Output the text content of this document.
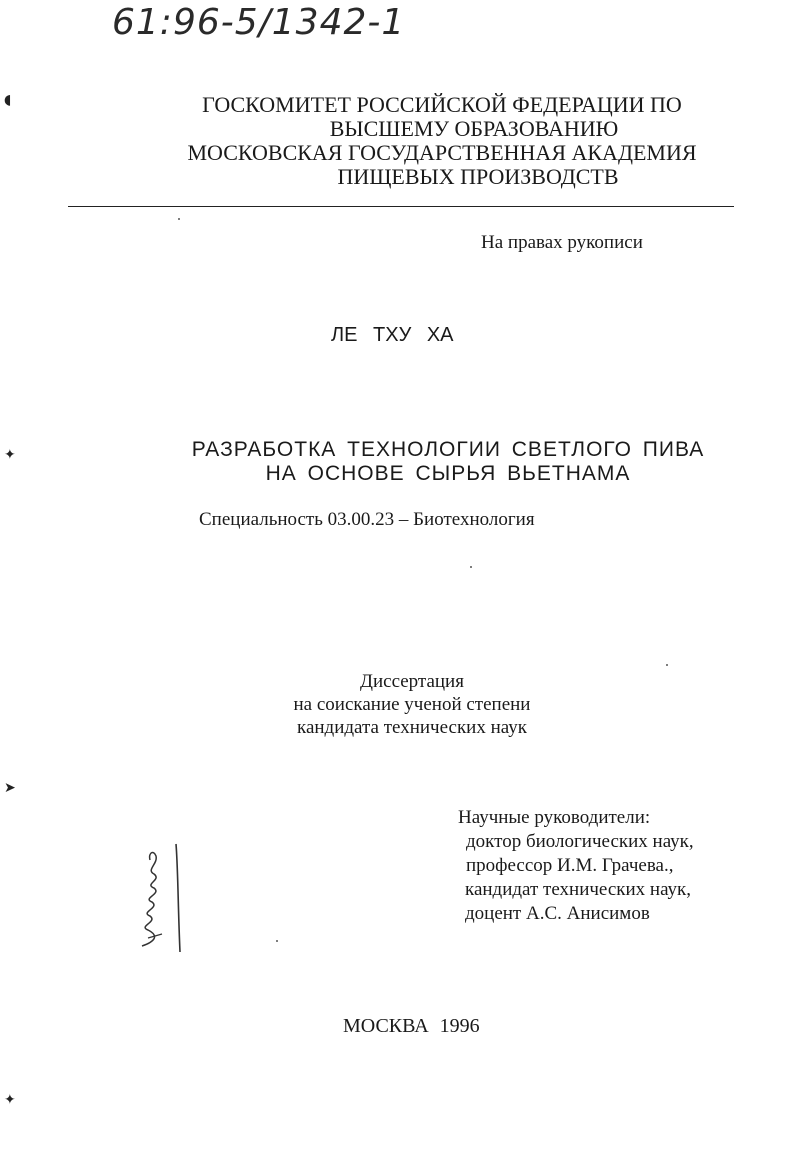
61:96-5/1342-1
◖
✦
➤
✦
ГОСКОМИТЕТ РОССИЙСКОЙ ФЕДЕРАЦИИ ПО
ВЫСШЕМУ ОБРАЗОВАНИЮ
МОСКОВСКАЯ ГОСУДАРСТВЕННАЯ АКАДЕМИЯ
ПИЩЕВЫХ ПРОИЗВОДСТВ
На правах рукописи
ЛЕ ТХУ ХА
РАЗРАБОТКА ТЕХНОЛОГИИ СВЕТЛОГО ПИВА
НА ОСНОВЕ СЫРЬЯ ВЬЕТНАМА
Специальность 03.00.23 – Биотехнология
Диссертация
на соискание ученой степени
кандидата технических наук
Научные руководители:
доктор биологических наук,
профессор И.М. Грачева.,
кандидат технических наук,
доцент А.С. Анисимов
МОСКВА 1996
